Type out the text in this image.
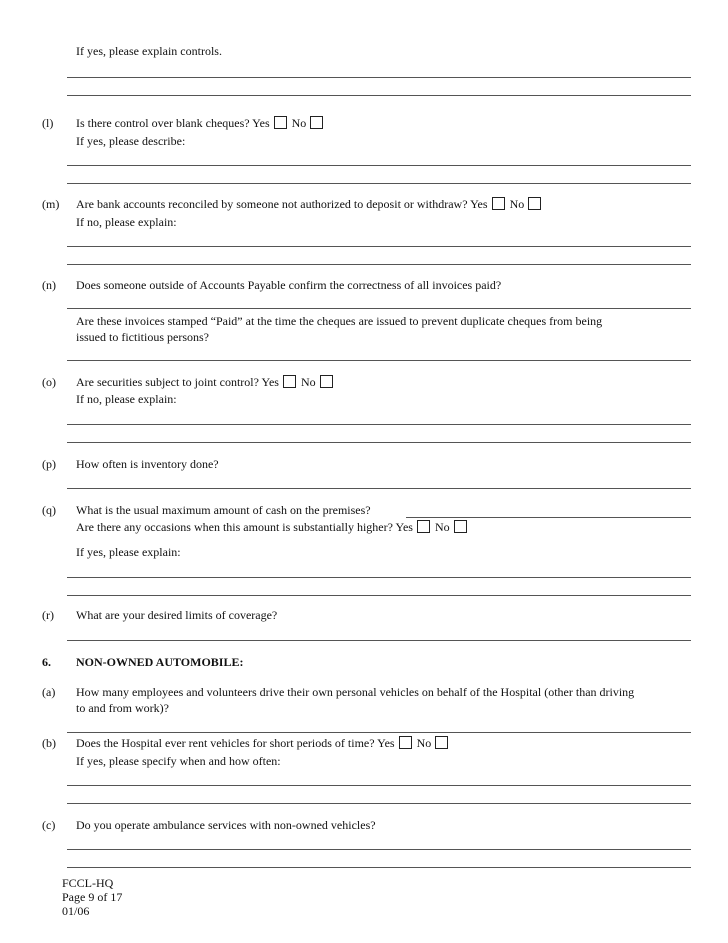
If yes, please explain controls.
(l) Is there control over blank cheques? Yes No
If yes, please describe:
(m) Are bank accounts reconciled by someone not authorized to deposit or withdraw? Yes No
If no, please explain:
(n) Does someone outside of Accounts Payable confirm the correctness of all invoices paid?
Are these invoices stamped “Paid” at the time the cheques are issued to prevent duplicate cheques from being
issued to fictitious persons?
(o) Are securities subject to joint control? Yes No
If no, please explain:
(p) How often is inventory done?
(q) What is the usual maximum amount of cash on the premises?
Are there any occasions when this amount is substantially higher? Yes No
If yes, please explain:
(r) What are your desired limits of coverage?
6. NON-OWNED AUTOMOBILE:
(a) How many employees and volunteers drive their own personal vehicles on behalf of the Hospital (other than driving
to and from work)?
(b) Does the Hospital ever rent vehicles for short periods of time? Yes No
If yes, please specify when and how often:
(c) Do you operate ambulance services with non-owned vehicles?
FCCL-HQ
Page 9 of 17
01/06
